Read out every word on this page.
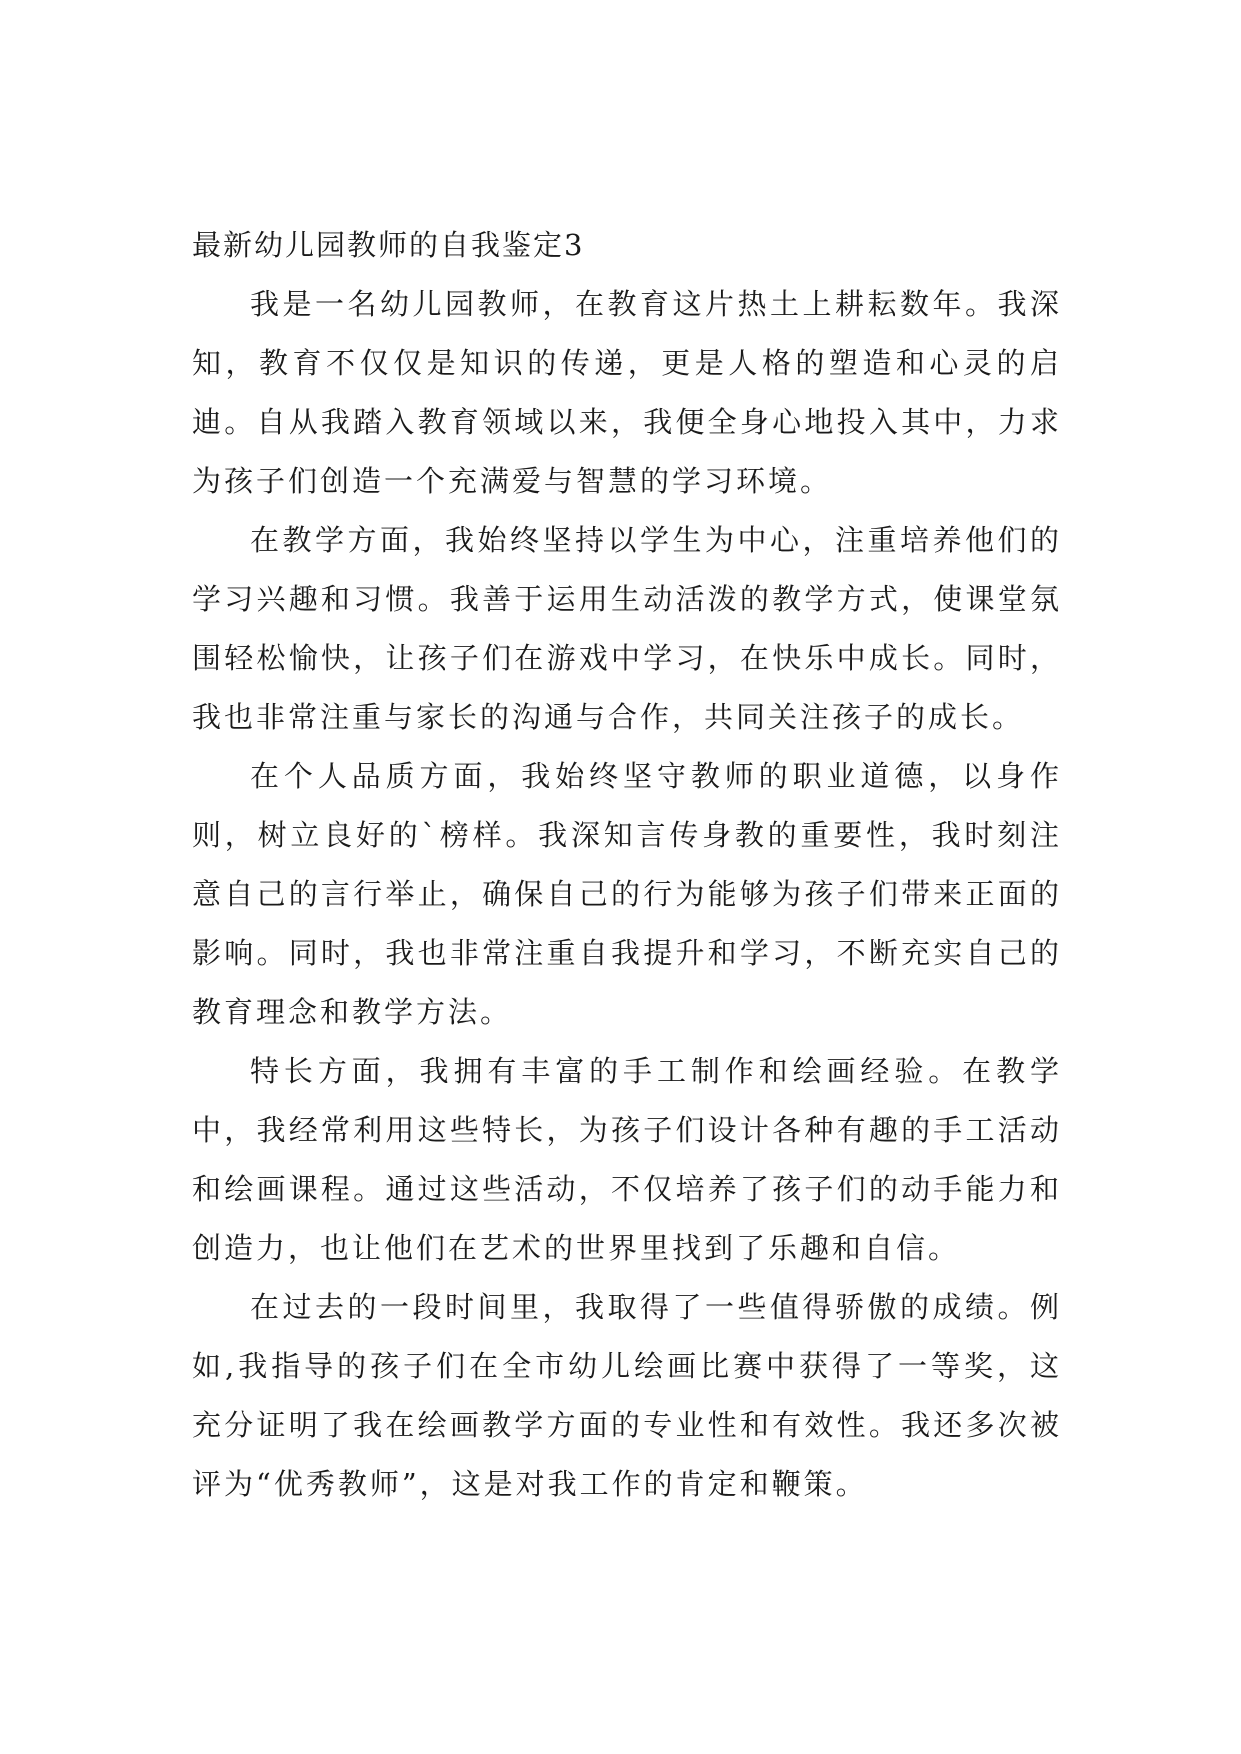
最新幼儿园教师的自我鉴定3

我是一名幼儿园教师，在教育这片热土上耕耘数年。我深知，教育不仅仅是知识的传递，更是人格的塑造和心灵的启迪。自从我踏入教育领域以来，我便全身心地投入其中，力求为孩子们创造一个充满爱与智慧的学习环境。

在教学方面，我始终坚持以学生为中心，注重培养他们的学习兴趣和习惯。我善于运用生动活泼的教学方式，使课堂氛围轻松愉快，让孩子们在游戏中学习，在快乐中成长。同时，我也非常注重与家长的沟通与合作，共同关注孩子的成长。

在个人品质方面，我始终坚守教师的职业道德，以身作则，树立良好的`榜样。我深知言传身教的重要性，我时刻注意自己的言行举止，确保自己的行为能够为孩子们带来正面的影响。同时，我也非常注重自我提升和学习，不断充实自己的教育理念和教学方法。

特长方面，我拥有丰富的手工制作和绘画经验。在教学中，我经常利用这些特长，为孩子们设计各种有趣的手工活动和绘画课程。通过这些活动，不仅培养了孩子们的动手能力和创造力，也让他们在艺术的世界里找到了乐趣和自信。

在过去的一段时间里，我取得了一些值得骄傲的成绩。例如,我指导的孩子们在全市幼儿绘画比赛中获得了一等奖，这充分证明了我在绘画教学方面的专业性和有效性。我还多次被评为“优秀教师”，这是对我工作的肯定和鞭策。
